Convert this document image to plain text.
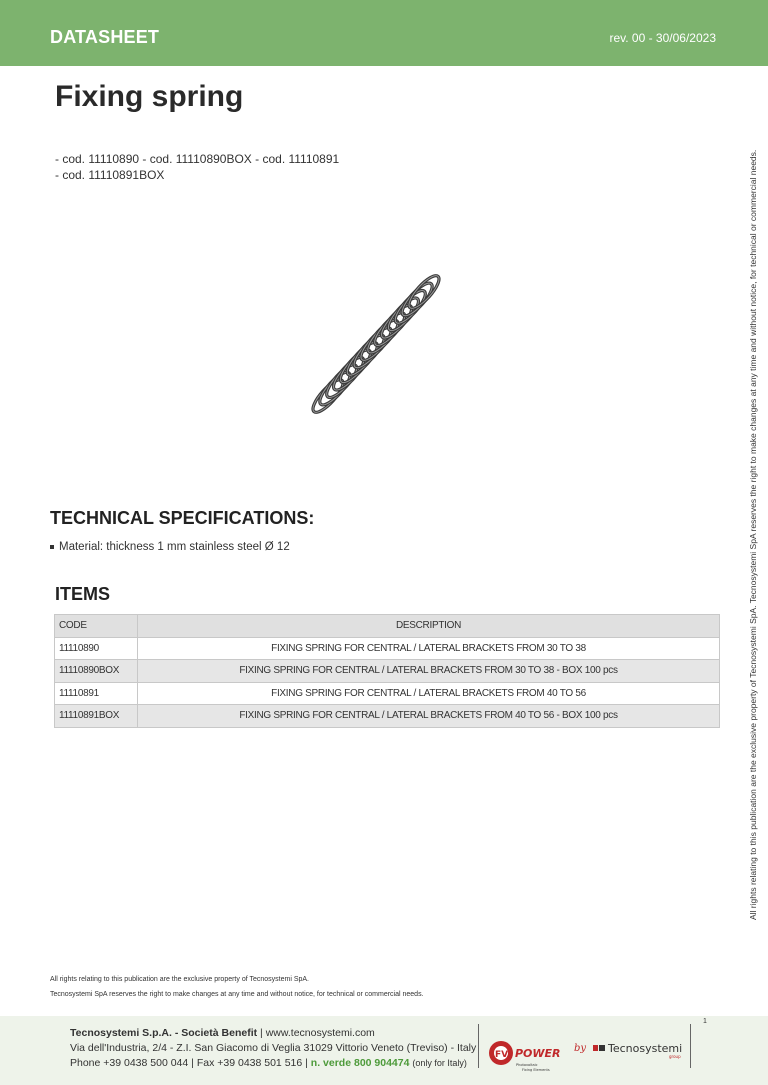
DATASHEET	rev. 00 - 30/06/2023
Fixing spring
- cod. 11110890 - cod. 11110890BOX - cod. 11110891
- cod. 11110891BOX
TECHNICAL SPECIFICATIONS:
Material: thickness 1 mm stainless steel Ø 12
ITEMS
CODE	DESCRIPTION
11110890	FIXING SPRING FOR CENTRAL / LATERAL BRACKETS FROM 30 TO 38
11110890BOX	FIXING SPRING FOR CENTRAL / LATERAL BRACKETS FROM 30 TO 38 - BOX 100 pcs
11110891	FIXING SPRING FOR CENTRAL / LATERAL BRACKETS FROM 40 TO 56
11110891BOX	FIXING SPRING FOR CENTRAL / LATERAL BRACKETS FROM 40 TO 56 - BOX 100 pcs	All rights relating to this publication are the exclusive property of Tecnosystemi SpA. Tecnosystemi SpA reserves the right to make changes at any time and without notice, for technical or commercial needs.
All rights relating to this publication are the exclusive property of Tecnosystemi SpA.
Tecnosystemi SpA reserves the right to make changes at any time and without notice, for technical or commercial needs.
1
Tecnosystemi S.p.A. - Società Benefit | www.tecnosystemi.com
Via dell'Industria, 2/4 - Z.I. San Giacomo di Veglia 31029 Vittorio Veneto (Treviso) - Italy
Phone +39 0438 500 044 | Fax +39 0438 501 516 | n. verde 800 904474 (only for Italy)
FV POWER
Photovoltaic
Fixing Elements
by Tecnosystemi
group
